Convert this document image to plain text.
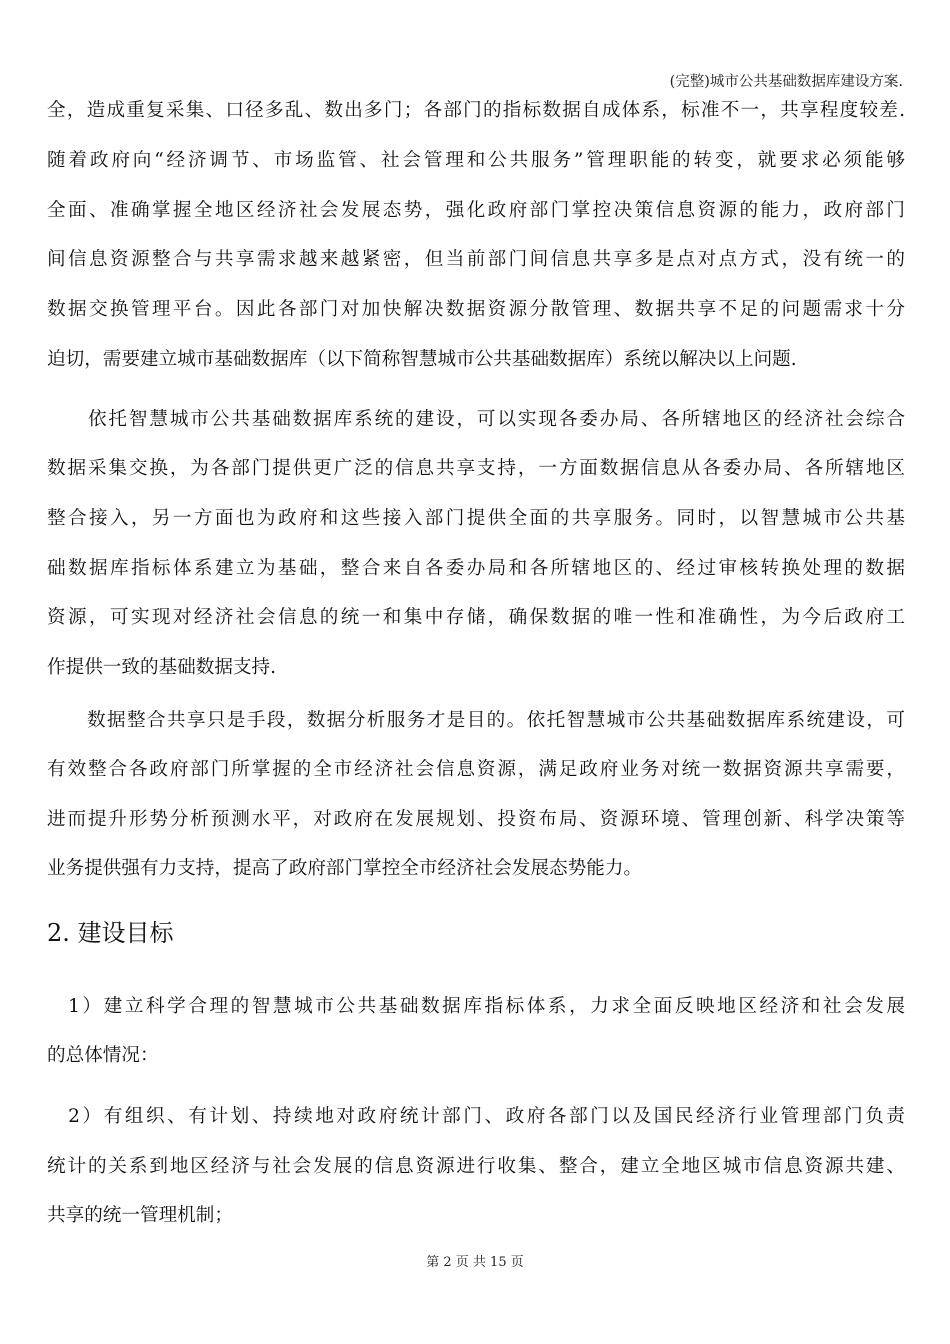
(完整)城市公共基础数据库建设方案.
全，造成重复采集、口径多乱、数出多门；各部门的指标数据自成体系，标准不一，共享程度较差.
随着政府向“经济调节、市场监管、社会管理和公共服务”管理职能的转变，就要求必须能够
全面、准确掌握全地区经济社会发展态势，强化政府部门掌控决策信息资源的能力，政府部门
间信息资源整合与共享需求越来越紧密，但当前部门间信息共享多是点对点方式，没有统一的
数据交换管理平台。因此各部门对加快解决数据资源分散管理、数据共享不足的问题需求十分
迫切，需要建立城市基础数据库（以下简称智慧城市公共基础数据库）系统以解决以上问题.
　　依托智慧城市公共基础数据库系统的建设，可以实现各委办局、各所辖地区的经济社会综合
数据采集交换，为各部门提供更广泛的信息共享支持，一方面数据信息从各委办局、各所辖地区
整合接入，另一方面也为政府和这些接入部门提供全面的共享服务。同时，以智慧城市公共基
础数据库指标体系建立为基础，整合来自各委办局和各所辖地区的、经过审核转换处理的数据
资源，可实现对经济社会信息的统一和集中存储，确保数据的唯一性和准确性，为今后政府工
作提供一致的基础数据支持.
　　数据整合共享只是手段，数据分析服务才是目的。依托智慧城市公共基础数据库系统建设，可
有效整合各政府部门所掌握的全市经济社会信息资源，满足政府业务对统一数据资源共享需要，
进而提升形势分析预测水平，对政府在发展规划、投资布局、资源环境、管理创新、科学决策等
业务提供强有力支持，提高了政府部门掌控全市经济社会发展态势能力。
2. 建设目标
　1）建立科学合理的智慧城市公共基础数据库指标体系，力求全面反映地区经济和社会发展
的总体情况：
　2）有组织、有计划、持续地对政府统计部门、政府各部门以及国民经济行业管理部门负责
统计的关系到地区经济与社会发展的信息资源进行收集、整合，建立全地区城市信息资源共建、
共享的统一管理机制；
第 2 页 共 15 页
